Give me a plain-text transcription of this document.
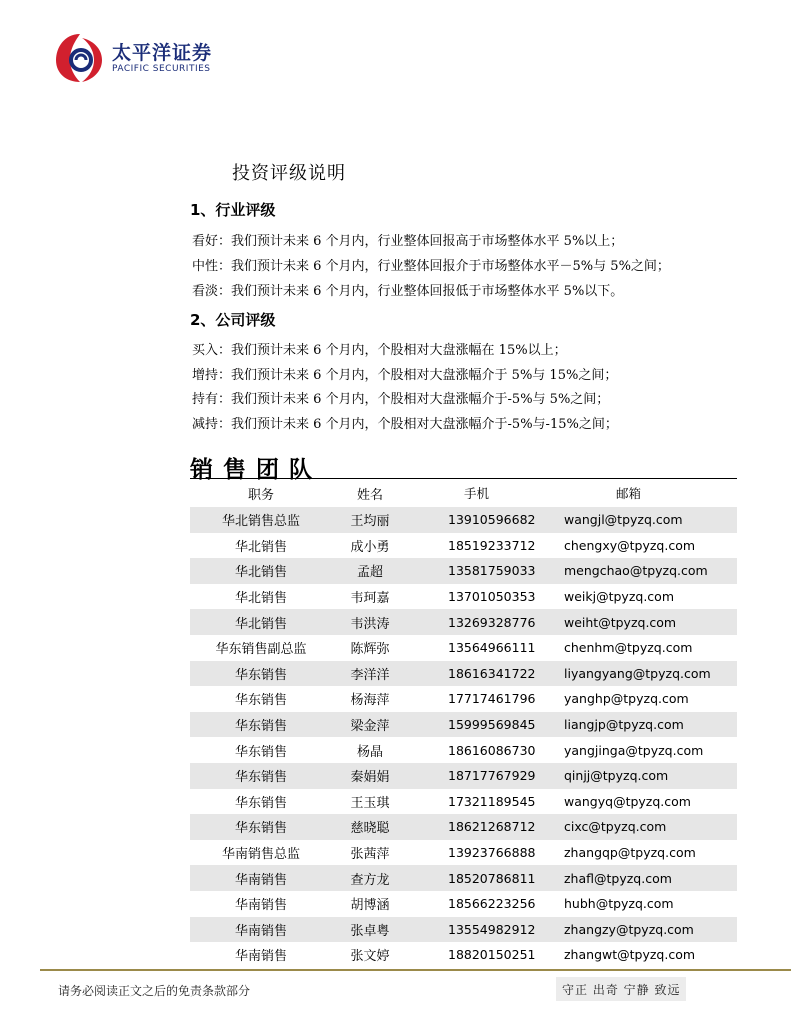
太平洋证券
PACIFIC SECURITIES
投资评级说明
1、行业评级
看好：我们预计未来 6 个月内，行业整体回报高于市场整体水平 5%以上；
中性：我们预计未来 6 个月内，行业整体回报介于市场整体水平－5%与 5%之间；
看淡：我们预计未来 6 个月内，行业整体回报低于市场整体水平 5%以下。
2、公司评级
买入：我们预计未来 6 个月内，个股相对大盘涨幅在 15%以上；
增持：我们预计未来 6 个月内，个股相对大盘涨幅介于 5%与 15%之间；
持有：我们预计未来 6 个月内，个股相对大盘涨幅介于-5%与 5%之间；
减持：我们预计未来 6 个月内，个股相对大盘涨幅介于-5%与-15%之间；
销售团队
职务	姓名	手机	邮箱
华北销售总监	王均丽	13910596682	wangjl@tpyzq.com
华北销售	成小勇	18519233712	chengxy@tpyzq.com
华北销售	孟超	13581759033	mengchao@tpyzq.com
华北销售	韦珂嘉	13701050353	weikj@tpyzq.com
华北销售	韦洪涛	13269328776	weiht@tpyzq.com
华东销售副总监	陈辉弥	13564966111	chenhm@tpyzq.com
华东销售	李洋洋	18616341722	liyangyang@tpyzq.com
华东销售	杨海萍	17717461796	yanghp@tpyzq.com
华东销售	梁金萍	15999569845	liangjp@tpyzq.com
华东销售	杨晶	18616086730	yangjinga@tpyzq.com
华东销售	秦娟娟	18717767929	qinjj@tpyzq.com
华东销售	王玉琪	17321189545	wangyq@tpyzq.com
华东销售	慈晓聪	18621268712	cixc@tpyzq.com
华南销售总监	张茜萍	13923766888	zhangqp@tpyzq.com
华南销售	查方龙	18520786811	zhafl@tpyzq.com
华南销售	胡博涵	18566223256	hubh@tpyzq.com
华南销售	张卓粤	13554982912	zhangzy@tpyzq.com
华南销售	张文婷	18820150251	zhangwt@tpyzq.com
请务必阅读正文之后的免责条款部分	守正 出奇 宁静 致远
